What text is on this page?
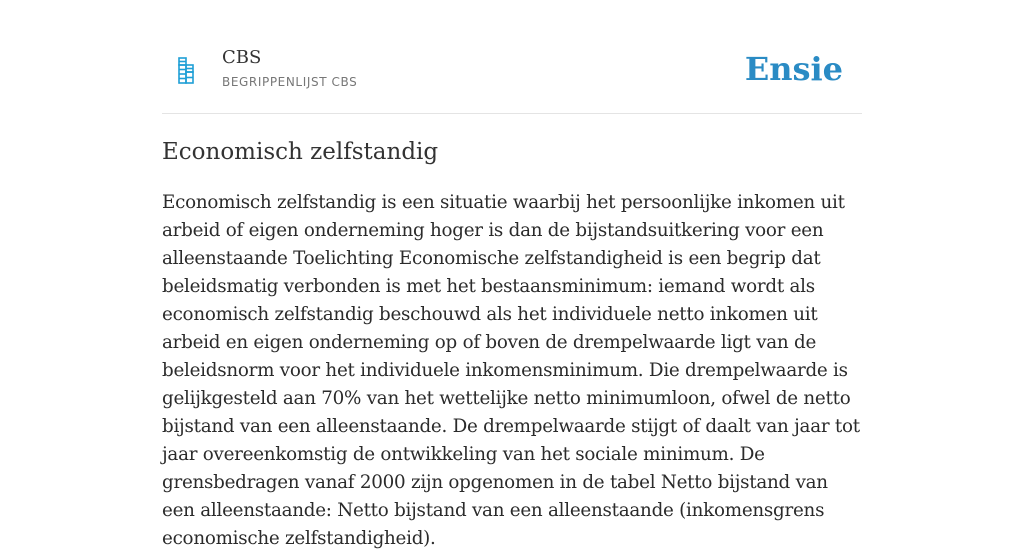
CBS
BEGRIPPENLIJST CBS	Ensie
Economisch zelfstandig

Economisch zelfstandig is een situatie waarbij het persoonlijke inkomen uit arbeid of eigen onderneming hoger is dan de bijstandsuitkering voor een alleenstaande Toelichting Economische zelfstandigheid is een begrip dat beleidsmatig verbonden is met het bestaansminimum: iemand wordt als economisch zelfstandig beschouwd als het individuele netto inkomen uit arbeid en eigen onderneming op of boven de drempelwaarde ligt van de beleidsnorm voor het individuele inkomensminimum. Die drempelwaarde is gelijkgesteld aan 70% van het wettelijke netto minimumloon, ofwel de netto bijstand van een alleenstaande. De drempelwaarde stijgt of daalt van jaar tot jaar overeenkomstig de ontwikkeling van het sociale minimum. De grensbedragen vanaf 2000 zijn opgenomen in de tabel Netto bijstand van een alleenstaande: Netto bijstand van een alleenstaande (inkomensgrens economische zelfstandigheid).
